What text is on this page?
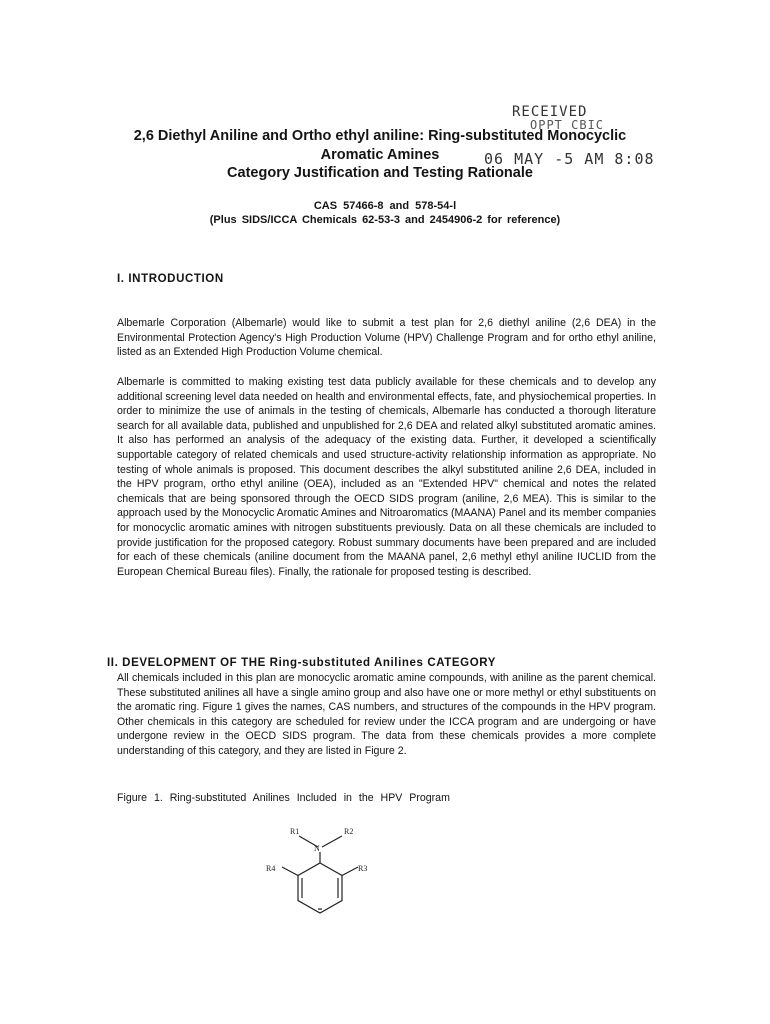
RECEIVED
OPPT CBIC
06 MAY -5 AM 8:08
2,6 Diethyl Aniline and Ortho ethyl aniline: Ring-substituted Monocyclic
Aromatic Amines
Category Justification and Testing Rationale
CAS 57466-8 and 578-54-l
(Plus SIDS/ICCA Chemicals 62-53-3 and 2454906-2 for reference)
I. INTRODUCTION

Albemarle Corporation (Albemarle) would like to submit a test plan for 2,6 diethyl aniline (2,6 DEA) in the Environmental Protection Agency's High Production Volume (HPV) Challenge Program and for ortho ethyl aniline, listed as an Extended High Production Volume chemical.

Albemarle is committed to making existing test data publicly available for these chemicals and to develop any additional screening level data needed on health and environmental effects, fate, and physiochemical properties. In order to minimize the use of animals in the testing of chemicals, Albemarle has conducted a thorough literature search for all available data, published and unpublished for 2,6 DEA and related alkyl substituted aromatic amines. It also has performed an analysis of the adequacy of the existing data. Further, it developed a scientifically supportable category of related chemicals and used structure-activity relationship information as appropriate. No testing of whole animals is proposed. This document describes the alkyl substituted aniline 2,6 DEA, included in the HPV program, ortho ethyl aniline (OEA), included as an "Extended HPV" chemical and notes the related chemicals that are being sponsored through the OECD SIDS program (aniline, 2,6 MEA). This is similar to the approach used by the Monocyclic Aromatic Amines and Nitroaromatics (MAANA) Panel and its member companies for monocyclic aromatic amines with nitrogen substituents previously. Data on all these chemicals are included to provide justification for the proposed category. Robust summary documents have been prepared and are included for each of these chemicals (aniline document from the MAANA panel, 2,6 methyl ethyl aniline IUCLID from the European Chemical Bureau files). Finally, the rationale for proposed testing is described.

II. DEVELOPMENT OF THE Ring-substituted Anilines CATEGORY

All chemicals included in this plan are monocyclic aromatic amine compounds, with aniline as the parent chemical. These substituted anilines all have a single amino group and also have one or more methyl or ethyl substituents on the aromatic ring. Figure 1 gives the names, CAS numbers, and structures of the compounds in the HPV program. Other chemicals in this category are scheduled for review under the ICCA program and are undergoing or have undergone review in the OECD SIDS program. The data from these chemicals provides a more complete understanding of this category, and they are listed in Figure 2.

Figure 1. Ring-substituted Anilines Included in the HPV Program

N
R1	R2
R4	R3
